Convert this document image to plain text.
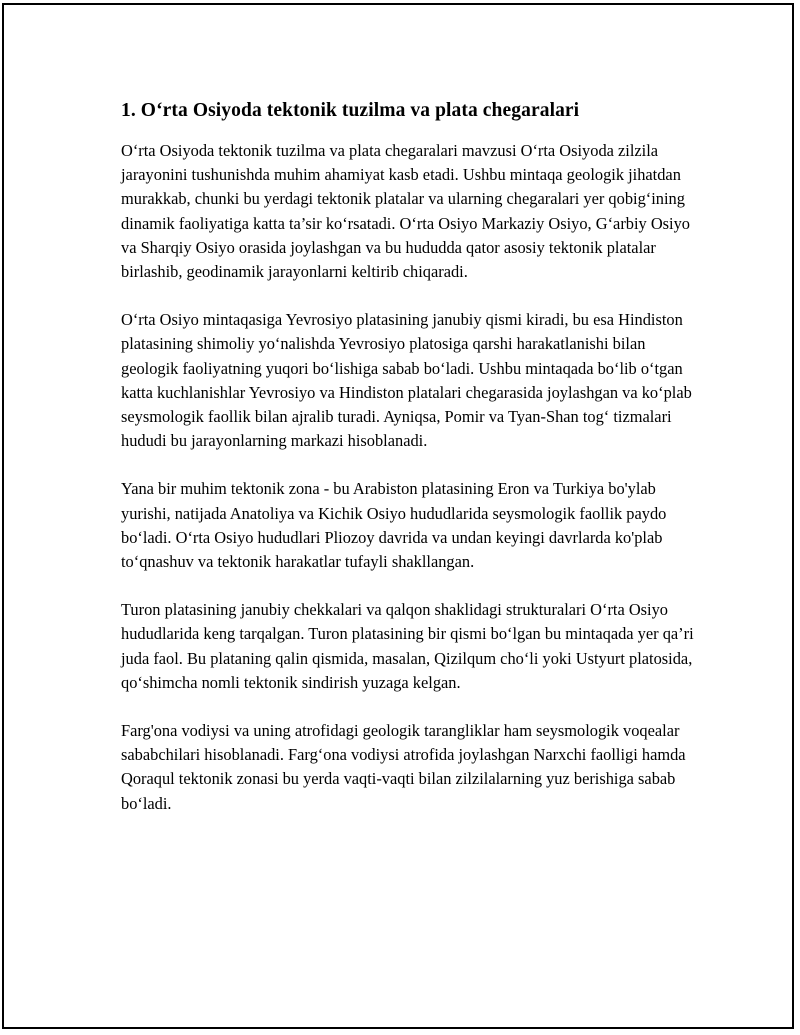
1. O‘rta Osiyoda tektonik tuzilma va plata chegaralari

O‘rta Osiyoda tektonik tuzilma va plata chegaralari mavzusi O‘rta Osiyoda zilzila jarayonini tushunishda muhim ahamiyat kasb etadi. Ushbu mintaqa geologik jihatdan murakkab, chunki bu yerdagi tektonik platalar va ularning chegaralari yer qobig‘ining dinamik faoliyatiga katta ta’sir ko‘rsatadi. O‘rta Osiyo Markaziy Osiyo, G‘arbiy Osiyo va Sharqiy Osiyo orasida joylashgan va bu hududda qator asosiy tektonik platalar birlashib, geodinamik jarayonlarni keltirib chiqaradi.

O‘rta Osiyo mintaqasiga Yevrosiyo platasining janubiy qismi kiradi, bu esa Hindiston platasining shimoliy yo‘nalishda Yevrosiyo platosiga qarshi harakatlanishi bilan geologik faoliyatning yuqori bo‘lishiga sabab bo‘ladi. Ushbu mintaqada bo‘lib o‘tgan katta kuchlanishlar Yevrosiyo va Hindiston platalari chegarasida joylashgan va ko‘plab seysmologik faollik bilan ajralib turadi. Ayniqsa, Pomir va Tyan-Shan tog‘ tizmalari hududi bu jarayonlarning markazi hisoblanadi.

Yana bir muhim tektonik zona - bu Arabiston platasining Eron va Turkiya bo'ylab yurishi, natijada Anatoliya va Kichik Osiyo hududlarida seysmologik faollik paydo bo‘ladi. O‘rta Osiyo hududlari Pliozoy davrida va undan keyingi davrlarda ko'plab to‘qnashuv va tektonik harakatlar tufayli shakllangan.

Turon platasining janubiy chekkalari va qalqon shaklidagi strukturalari O‘rta Osiyo hududlarida keng tarqalgan. Turon platasining bir qismi bo‘lgan bu mintaqada yer qa’ri juda faol. Bu plataning qalin qismida, masalan, Qizilqum cho‘li yoki Ustyurt platosida, qo‘shimcha nomli tektonik sindirish yuzaga kelgan.

Farg'ona vodiysi va uning atrofidagi geologik tarangliklar ham seysmologik voqealar sababchilari hisoblanadi. Farg‘ona vodiysi atrofida joylashgan Narxchi faolligi hamda Qoraqul tektonik zonasi bu yerda vaqti-vaqti bilan zilzilalarning yuz berishiga sabab bo‘ladi.
